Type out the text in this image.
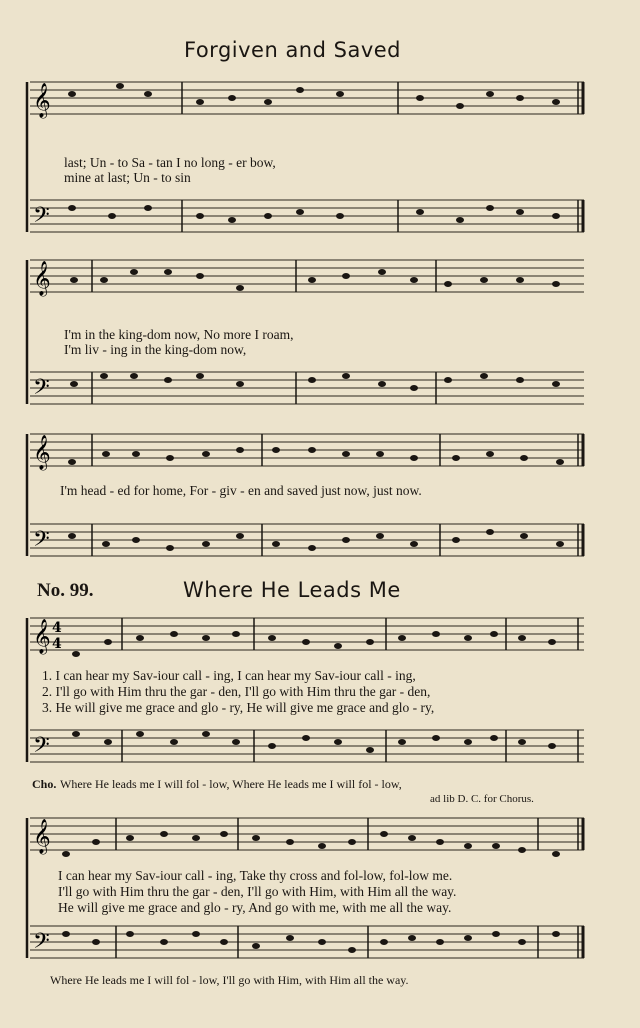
Forgiven and Saved
𝄞
𝄢
last; Un - to Sa - tan I no long - er bow,
mine at last; Un - to sin
𝄞
𝄢
I'm in the king-dom now, No more I roam,
I'm liv - ing in the king-dom now,
𝄞
𝄢
I'm head - ed for home, For - giv - en and saved just now, just now.
No. 99.	Where He Leads Me
𝄞 4
4
𝄢
1. I can hear my Sav-iour call - ing, I can hear my Sav-iour call - ing,
2. I'll go with Him thru the gar - den, I'll go with Him thru the gar - den,
3. He will give me grace and glo - ry, He will give me grace and glo - ry,
Cho. Where He leads me I will fol - low, Where He leads me I will fol - low,
ad lib D. C. for Chorus.
𝄞
𝄢
I can hear my Sav-iour call - ing, Take thy cross and fol-low, fol-low me.
I'll go with Him thru the gar - den, I'll go with Him, with Him all the way.
He will give me grace and glo - ry, And go with me, with me all the way.
Where He leads me I will fol - low, I'll go with Him, with Him all the way.
